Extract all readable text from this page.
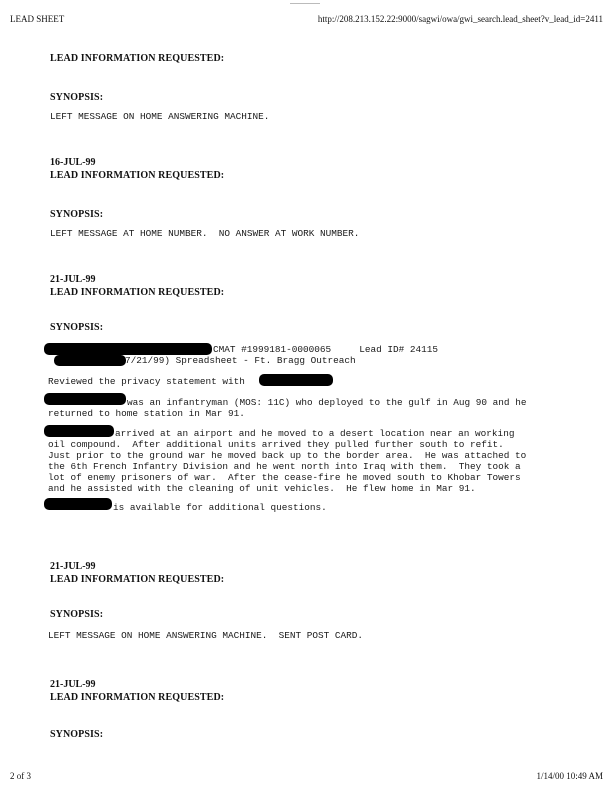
LEAD SHEET	http://208.213.152.22:9000/sagwi/owa/gwi_search.lead_sheet?v_lead_id=2411
LEAD INFORMATION REQUESTED:
SYNOPSIS:
LEFT MESSAGE ON HOME ANSWERING MACHINE.
16-JUL-99
LEAD INFORMATION REQUESTED:
SYNOPSIS:
LEFT MESSAGE AT HOME NUMBER.  NO ANSWER AT WORK NUMBER.
21-JUL-99
LEAD INFORMATION REQUESTED:
SYNOPSIS:
CMAT #1999181-0000065     Lead ID# 24115
7/21/99) Spreadsheet - Ft. Bragg Outreach
Reviewed the privacy statement with
was an infantryman (MOS: 11C) who deployed to the gulf in Aug 90 and he
returned to home station in Mar 91.
arrived at an airport and he moved to a desert location near an working
oil compound.  After additional units arrived they pulled further south to refit.
Just prior to the ground war he moved back up to the border area.  He was attached to
the 6th French Infantry Division and he went north into Iraq with them.  They took a
lot of enemy prisoners of war.  After the cease-fire he moved south to Khobar Towers
and he assisted with the cleaning of unit vehicles.  He flew home in Mar 91.
is available for additional questions.
21-JUL-99
LEAD INFORMATION REQUESTED:
SYNOPSIS:
LEFT MESSAGE ON HOME ANSWERING MACHINE.  SENT POST CARD.
21-JUL-99
LEAD INFORMATION REQUESTED:
SYNOPSIS:
2 of 3	1/14/00 10:49 AM
